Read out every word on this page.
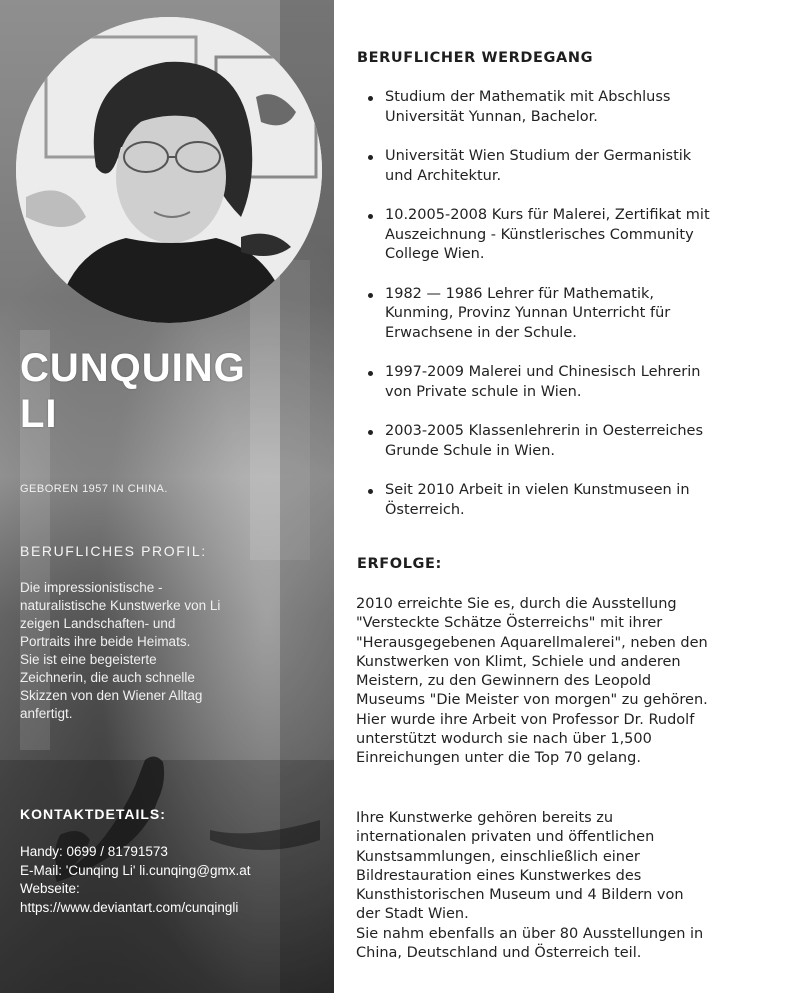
CUNQUING
LI
GEBOREN 1957 IN CHINA.
BERUFLICHES PROFIL:
Die impressionistische -
naturalistische Kunstwerke von Li
zeigen Landschaften- und
Portraits ihre beide Heimats.
Sie ist eine begeisterte
Zeichnerin, die auch schnelle
Skizzen von den Wiener Alltag
anfertigt.
KONTAKTDETAILS:
Handy: 0699 / 81791573
E-Mail: 'Cunqing Li' li.cunqing@gmx.at
Webseite:
https://www.deviantart.com/cunqingli
BERUFLICHER WERDEGANG
Studium der Mathematik mit Abschluss
Universität Yunnan, Bachelor.
Universität Wien Studium der Germanistik
und Architektur.
10.2005-2008 Kurs für Malerei, Zertifikat mit
Auszeichnung - Künstlerisches Community
College Wien.
1982 — 1986 Lehrer für Mathematik,
Kunming, Provinz Yunnan Unterricht für
Erwachsene in der Schule.
1997-2009 Malerei und Chinesisch Lehrerin
von Private schule in Wien.
2003-2005 Klassenlehrerin in Oesterreiches
Grunde Schule in Wien.
Seit 2010 Arbeit in vielen Kunstmuseen in
Österreich.
ERFOLGE:
2010 erreichte Sie es, durch die Ausstellung
"Versteckte Schätze Österreichs" mit ihrer
"Herausgegebenen Aquarellmalerei", neben den
Kunstwerken von Klimt, Schiele und anderen
Meistern, zu den Gewinnern des Leopold
Museums "Die Meister von morgen" zu gehören.
Hier wurde ihre Arbeit von Professor Dr. Rudolf
unterstützt wodurch sie nach über 1,500
Einreichungen unter die Top 70 gelang.
Ihre Kunstwerke gehören bereits zu
internationalen privaten und öffentlichen
Kunstsammlungen, einschließlich einer
Bildrestauration eines Kunstwerkes des
Kunsthistorischen Museum und 4 Bildern von
der Stadt Wien.
Sie nahm ebenfalls an über 80 Ausstellungen in
China, Deutschland und Österreich teil.
